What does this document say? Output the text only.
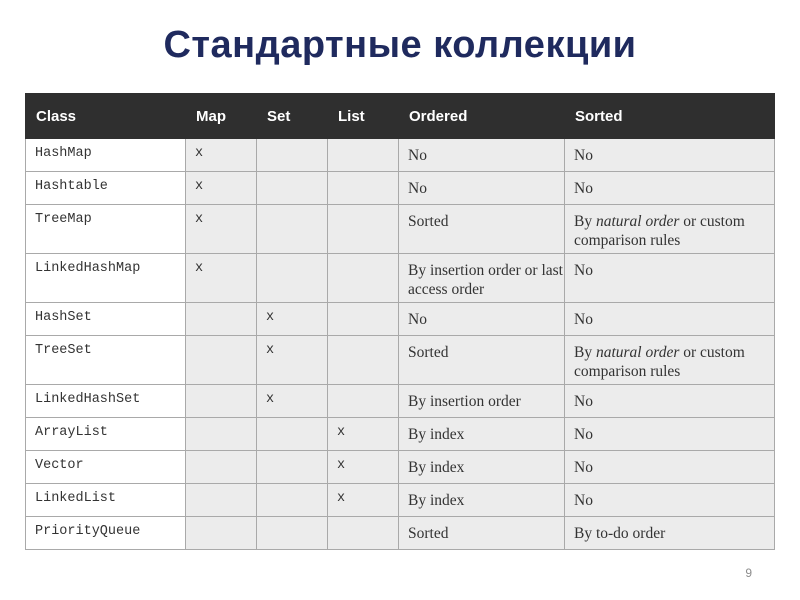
Стандартные коллекции
Class	Map	Set	List	Ordered	Sorted
HashMap	x			No	No
Hashtable	x			No	No
TreeMap	x			Sorted	By natural order or custom comparison rules
LinkedHashMap	x			By insertion order or last access order	No
HashSet		x		No	No
TreeSet		x		Sorted	By natural order or custom comparison rules
LinkedHashSet		x		By insertion order	No
ArrayList			x	By index	No
Vector			x	By index	No
LinkedList			x	By index	No
PriorityQueue				Sorted	By to-do order
9
